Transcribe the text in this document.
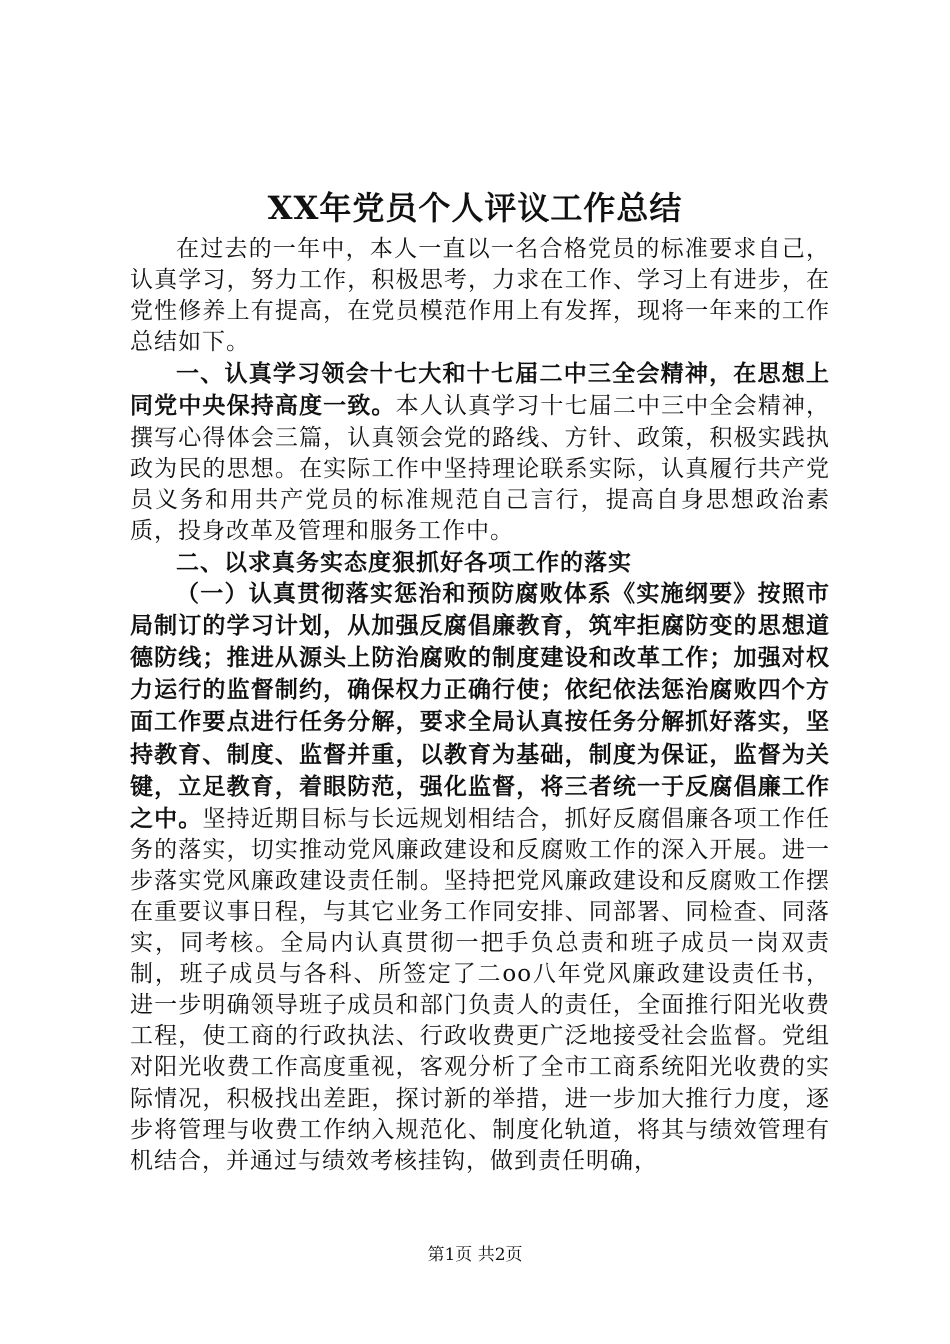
XX年党员个人评议工作总结

在过去的一年中，本人一直以一名合格党员的标准要求自己，认真学习，努力工作，积极思考，力求在工作、学习上有进步，在党性修养上有提高，在党员模范作用上有发挥，现将一年来的工作总结如下。

一、认真学习领会十七大和十七届二中三全会精神，在思想上同党中央保持高度一致。本人认真学习十七届二中三中全会精神，撰写心得体会三篇，认真领会党的路线、方针、政策，积极实践执政为民的思想。在实际工作中坚持理论联系实际，认真履行共产党员义务和用共产党员的标准规范自己言行，提高自身思想政治素质，投身改革及管理和服务工作中。

二、以求真务实态度狠抓好各项工作的落实

（一）认真贯彻落实惩治和预防腐败体系《实施纲要》按照市局制订的学习计划，从加强反腐倡廉教育，筑牢拒腐防变的思想道德防线；推进从源头上防治腐败的制度建设和改革工作；加强对权力运行的监督制约，确保权力正确行使；依纪依法惩治腐败四个方面工作要点进行任务分解，要求全局认真按任务分解抓好落实，坚持教育、制度、监督并重，以教育为基础，制度为保证，监督为关键，立足教育，着眼防范，强化监督，将三者统一于反腐倡廉工作之中。坚持近期目标与长远规划相结合，抓好反腐倡廉各项工作任务的落实，切实推动党风廉政建设和反腐败工作的深入开展。进一步落实党风廉政建设责任制。坚持把党风廉政建设和反腐败工作摆在重要议事日程，与其它业务工作同安排、同部署、同检查、同落实，同考核。全局内认真贯彻一把手负总责和班子成员一岗双责制，班子成员与各科、所签定了二oo八年党风廉政建设责任书，进一步明确领导班子成员和部门负责人的责任，全面推行阳光收费工程，使工商的行政执法、行政收费更广泛地接受社会监督。党组对阳光收费工作高度重视，客观分析了全市工商系统阳光收费的实际情况，积极找出差距，探讨新的举措，进一步加大推行力度，逐步将管理与收费工作纳入规范化、制度化轨道，将其与绩效管理有机结合，并通过与绩效考核挂钩，做到责任明确，

第1页 共2页
